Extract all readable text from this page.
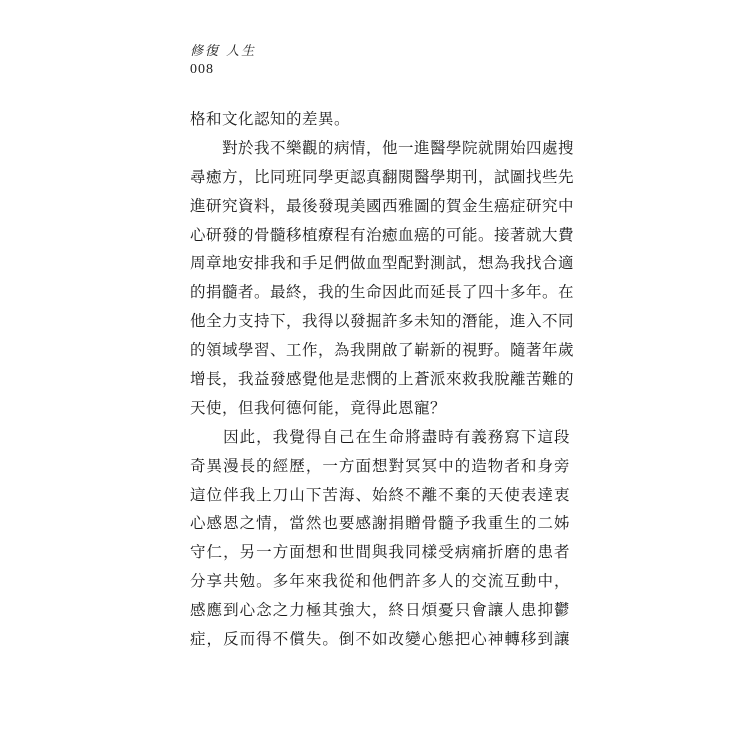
修復 人生
008
格和文化認知的差異。
　　對於我不樂觀的病情，他一進醫學院就開始四處搜
尋癒方，比同班同學更認真翻閱醫學期刊，試圖找些先
進研究資料，最後發現美國西雅圖的賀金生癌症研究中
心研發的骨髓移植療程有治癒血癌的可能。接著就大費
周章地安排我和手足們做血型配對測試，想為我找合適
的捐髓者。最終，我的生命因此而延長了四十多年。在
他全力支持下，我得以發掘許多未知的潛能，進入不同
的領域學習、工作，為我開啟了嶄新的視野。隨著年歲
增長，我益發感覺他是悲憫的上蒼派來救我脫離苦難的
天使，但我何德何能，竟得此恩寵？
　　因此，我覺得自己在生命將盡時有義務寫下這段
奇異漫長的經歷，一方面想對冥冥中的造物者和身旁
這位伴我上刀山下苦海、始終不離不棄的天使表達衷
心感恩之情，當然也要感謝捐贈骨髓予我重生的二姊
守仁，另一方面想和世間與我同樣受病痛折磨的患者
分享共勉。多年來我從和他們許多人的交流互動中，
感應到心念之力極其強大，終日煩憂只會讓人患抑鬱
症，反而得不償失。倒不如改變心態把心神轉移到讓
